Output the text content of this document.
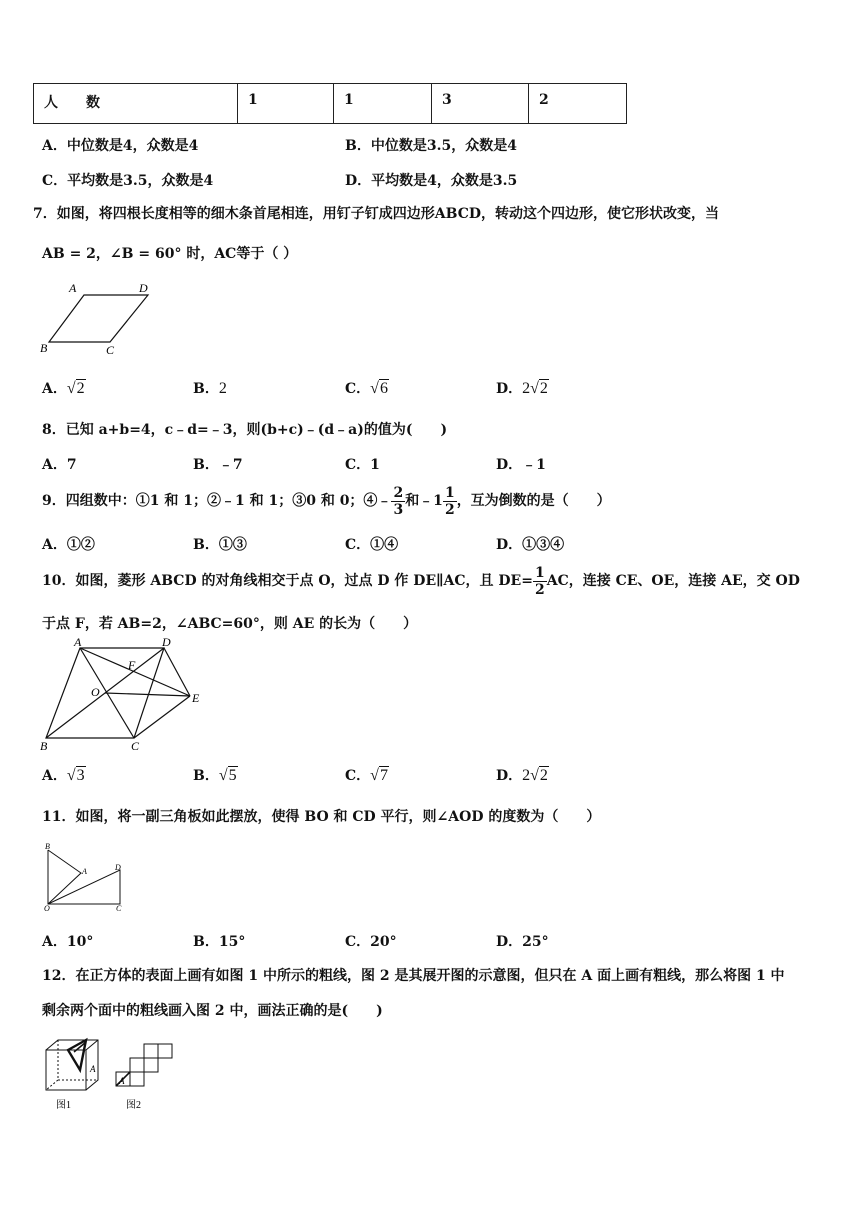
人　　数	1	1	3	2
A．中位数是4，众数是4	B．中位数是3.5，众数是4
C．平均数是3.5，众数是4	D．平均数是4，众数是3.5
7．如图，将四根长度相等的细木条首尾相连，用钉子钉成四边形ABCD，转动这个四边形，使它形状改变，当
AB = 2，∠B = 60° 时，AC等于（ ）
A	D
B	C
A．√2	B．2	C．√6	D．2√2
8．已知 a+b=4，c﹣d=﹣3，则(b+c)﹣(d﹣a)的值为(　　)
A．7	B．﹣7	C．1	D．﹣1
9．四组数中：①1 和 1；②﹣1 和 1；③0 和 0；④﹣ $\frac{2}{3}$ 和﹣1 $\frac{1}{2}$ ，互为倒数的是（　　）
A．①②	B．①③	C．①④	D．①③④
10．如图，菱形 ABCD 的对角线相交于点 O，过点 D 作 DE∥AC，且 $DE= \frac{1}{2}$ AC，连接 CE、OE，连接 AE，交 OD
于点 F，若 AB=2，∠ABC=60°，则 AE 的长为（　　）
A	D
F
O	E
B	C
A．√3	B．√5	C．√7	D．2√2
11．如图，将一副三角板如此摆放，使得 BO 和 CD 平行，则∠AOD 的度数为（　　）
B
A	D
O	C
A．10°	B．15°	C．20°	D．25°
12．在正方体的表面上画有如图 1 中所示的粗线，图 2 是其展开图的示意图，但只在 A 面上画有粗线，那么将图 1 中
剩余两个面中的粗线画入图 2 中，画法正确的是(　　)
A
A
图1	图2
